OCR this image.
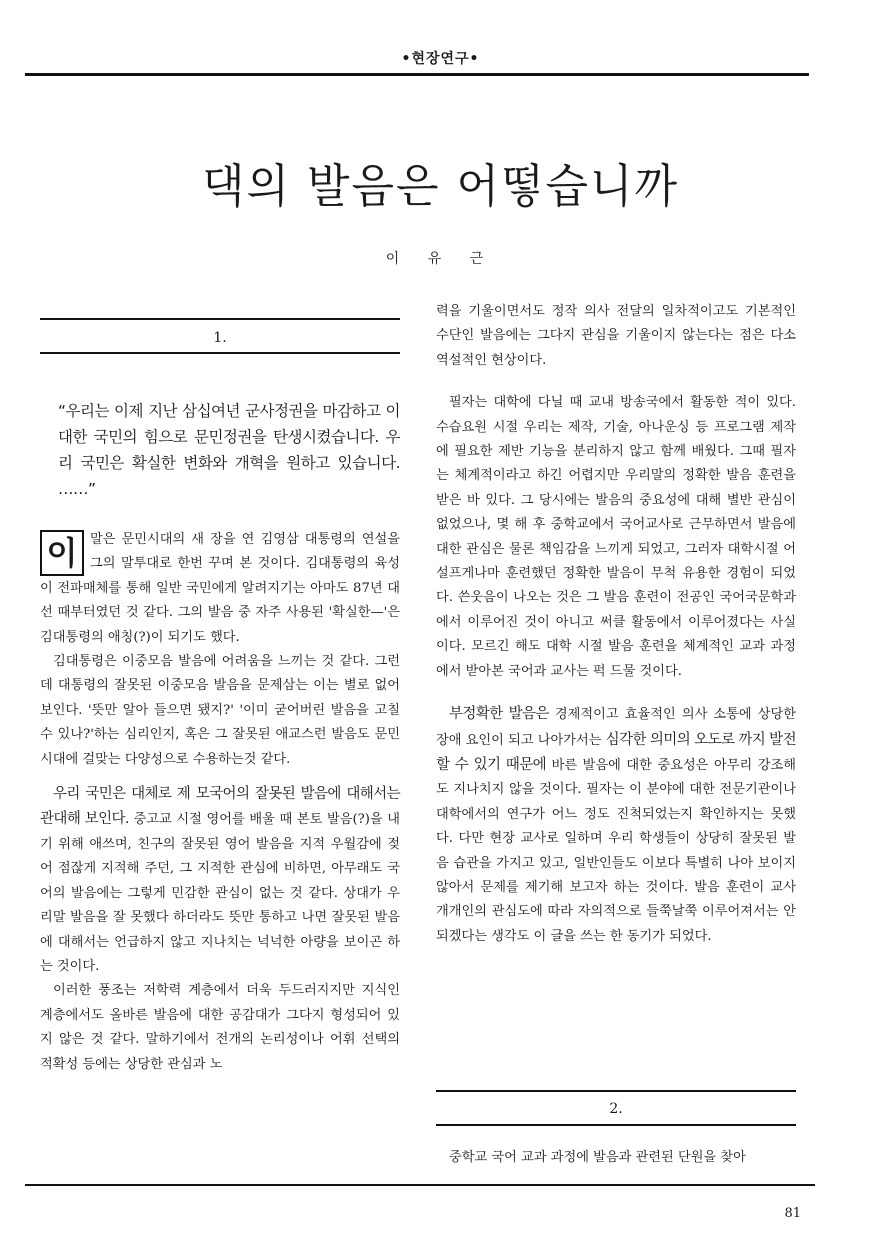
•현장연구•
댁의 발음은 어떻습니까
이 유 근
1.

“우리는 이제 지난 삼십여년 군사정권을 마감하고 이 대한 국민의 힘으로 문민정권을 탄생시켰습니다. 우리 국민은 확실한 변화와 개혁을 원하고 있습니다. ……”

이 말은 문민시대의 새 장을 연 김영삼 대통령의 연설을 그의 말투대로 한번 꾸며 본 것이다. 김대통령의 육성이 전파매체를 통해 일반 국민에게 알려지기는 아마도 87년 대선 때부터였던 것 같다. 그의 발음 중 자주 사용된 '확실한—'은 김대통령의 애칭(?)이 되기도 했다.

김대통령은 이중모음 발음에 어려움을 느끼는 것 같다. 그런데 대통령의 잘못된 이중모음 발음을 문제삼는 이는 별로 없어 보인다. '뜻만 알아 들으면 됐지?' '이미 굳어버린 발음을 고칠 수 있나?'하는 심리인지, 혹은 그 잘못된 애교스런 발음도 문민시대에 걸맞는 다양성으로 수용하는것 같다.

우리 국민은 대체로 제 모국어의 잘못된 발음에 대해서는 관대해 보인다. 중고교 시절 영어를 배울 때 본토 발음(?)을 내기 위해 애쓰며, 친구의 잘못된 영어 발음을 지적 우월감에 젖어 점잖게 지적해 주던, 그 지적한 관심에 비하면, 아무래도 국어의 발음에는 그렇게 민감한 관심이 없는 것 같다. 상대가 우리말 발음을 잘 못했다 하더라도 뜻만 통하고 나면 잘못된 발음에 대해서는 언급하지 않고 지나치는 넉넉한 아량을 보이곤 하는 것이다.

이러한 풍조는 저학력 계층에서 더욱 두드러지지만 지식인 계층에서도 올바른 발음에 대한 공감대가 그다지 형성되어 있지 않은 것 같다. 말하기에서 전개의 논리성이나 어휘 선택의 적확성 등에는 상당한 관심과 노

력을 기울이면서도 정작 의사 전달의 일차적이고도 기본적인 수단인 발음에는 그다지 관심을 기울이지 않는다는 점은 다소 역설적인 현상이다.

필자는 대학에 다닐 때 교내 방송국에서 활동한 적이 있다. 수습요원 시절 우리는 제작, 기술, 아나운싱 등 프로그램 제작에 필요한 제반 기능을 분리하지 않고 함께 배웠다. 그때 필자는 체계적이라고 하긴 어렵지만 우리말의 정확한 발음 훈련을 받은 바 있다. 그 당시에는 발음의 중요성에 대해 별반 관심이 없었으나, 몇 해 후 중학교에서 국어교사로 근무하면서 발음에 대한 관심은 물론 책임감을 느끼게 되었고, 그러자 대학시절 어설프게나마 훈련했던 정확한 발음이 무척 유용한 경험이 되었다. 쓴웃음이 나오는 것은 그 발음 훈련이 전공인 국어국문학과에서 이루어진 것이 아니고 써클 활동에서 이루어졌다는 사실이다. 모르긴 해도 대학 시절 발음 훈련을 체계적인 교과 과정에서 받아본 국어과 교사는 퍽 드물 것이다.

부정확한 발음은 경제적이고 효율적인 의사 소통에 상당한 장애 요인이 되고 나아가서는 심각한 의미의 오도로 까지 발전할 수 있기 때문에 바른 발음에 대한 중요성은 아무리 강조해도 지나치지 않을 것이다. 필자는 이 분야에 대한 전문기관이나 대학에서의 연구가 어느 정도 진척되었는지 확인하지는 못했다. 다만 현장 교사로 일하며 우리 학생들이 상당히 잘못된 발음 습관을 가지고 있고, 일반인들도 이보다 특별히 나아 보이지 않아서 문제를 제기해 보고자 하는 것이다. 발음 훈련이 교사 개개인의 관심도에 따라 자의적으로 들쭉날쭉 이루어져서는 안 되겠다는 생각도 이 글을 쓰는 한 동기가 되었다.

2.

중학교 국어 교과 과정에 발음과 관련된 단원을 찾아

81
